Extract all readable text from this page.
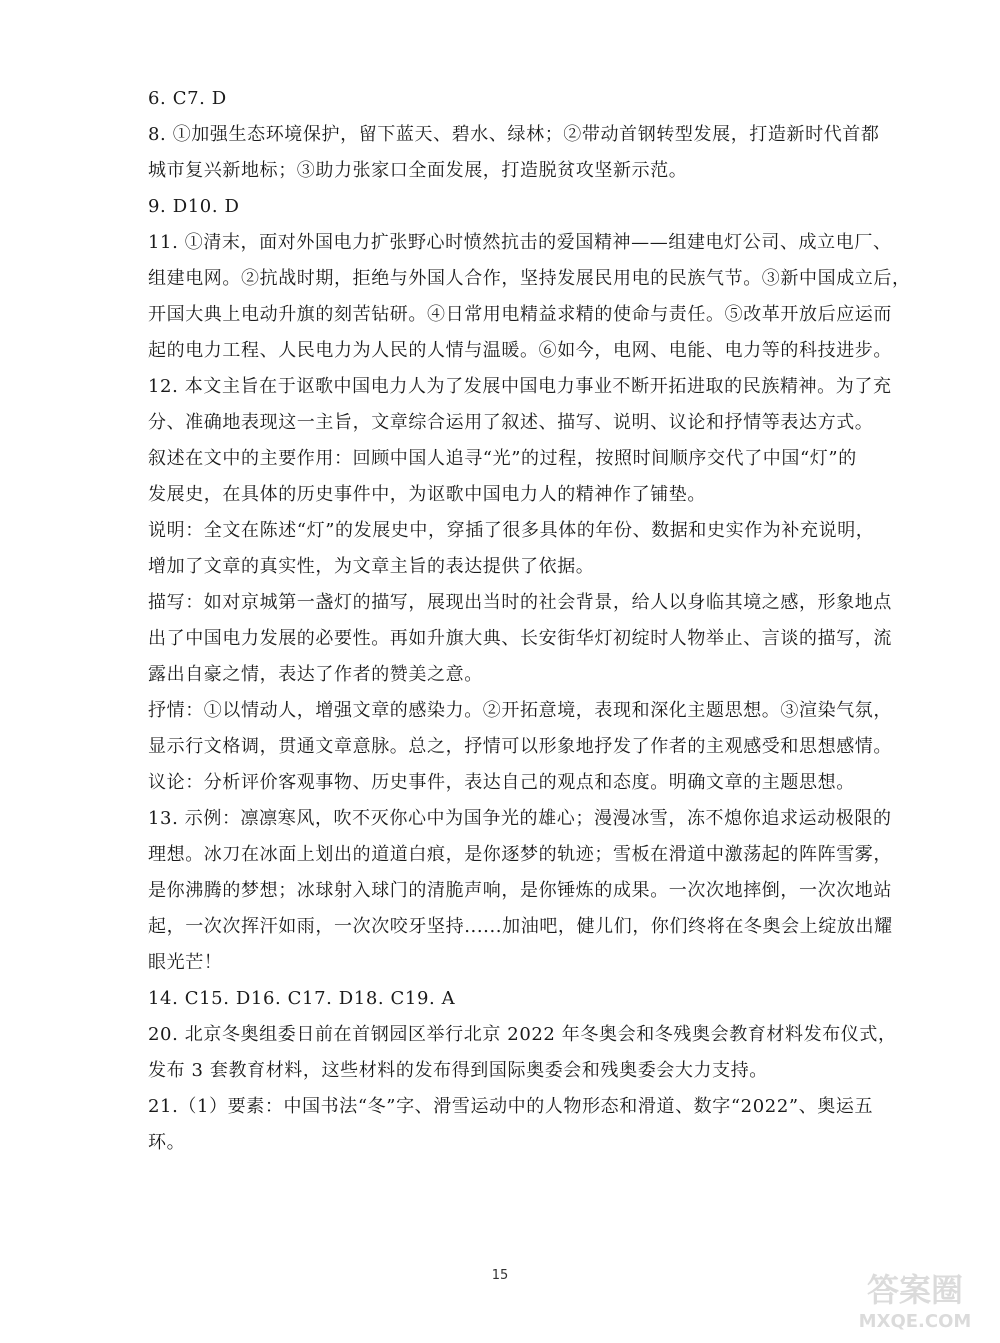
6. C7. D
8. ①加强生态环境保护，留下蓝天、碧水、绿林；②带动首钢转型发展，打造新时代首都
城市复兴新地标；③助力张家口全面发展，打造脱贫攻坚新示范。
9. D10. D
11. ①清末，面对外国电力扩张野心时愤然抗击的爱国精神——组建电灯公司、成立电厂、
组建电网。②抗战时期，拒绝与外国人合作，坚持发展民用电的民族气节。③新中国成立后，
开国大典上电动升旗的刻苦钻研。④日常用电精益求精的使命与责任。⑤改革开放后应运而
起的电力工程、人民电力为人民的人情与温暖。⑥如今，电网、电能、电力等的科技进步。
12. 本文主旨在于讴歌中国电力人为了发展中国电力事业不断开拓进取的民族精神。为了充
分、准确地表现这一主旨，文章综合运用了叙述、描写、说明、议论和抒情等表达方式。
叙述在文中的主要作用：回顾中国人追寻“光”的过程，按照时间顺序交代了中国“灯”的
发展史，在具体的历史事件中，为讴歌中国电力人的精神作了铺垫。
说明：全文在陈述“灯”的发展史中，穿插了很多具体的年份、数据和史实作为补充说明，
增加了文章的真实性，为文章主旨的表达提供了依据。
描写：如对京城第一盏灯的描写，展现出当时的社会背景，给人以身临其境之感，形象地点
出了中国电力发展的必要性。再如升旗大典、长安街华灯初绽时人物举止、言谈的描写，流
露出自豪之情，表达了作者的赞美之意。
抒情：①以情动人，增强文章的感染力。②开拓意境，表现和深化主题思想。③渲染气氛，
显示行文格调，贯通文章意脉。总之，抒情可以形象地抒发了作者的主观感受和思想感情。
议论：分析评价客观事物、历史事件，表达自己的观点和态度。明确文章的主题思想。
13. 示例：凛凛寒风，吹不灭你心中为国争光的雄心；漫漫冰雪，冻不熄你追求运动极限的
理想。冰刀在冰面上划出的道道白痕，是你逐梦的轨迹；雪板在滑道中激荡起的阵阵雪雾，
是你沸腾的梦想；冰球射入球门的清脆声响，是你锤炼的成果。一次次地摔倒，一次次地站
起，一次次挥汗如雨，一次次咬牙坚持......加油吧，健儿们，你们终将在冬奥会上绽放出耀
眼光芒！
14. C15. D16. C17. D18. C19. A
20. 北京冬奥组委日前在首钢园区举行北京 2022 年冬奥会和冬残奥会教育材料发布仪式，
发布 3 套教育材料，这些材料的发布得到国际奥委会和残奥委会大力支持。
21.（1）要素：中国书法“冬”字、滑雪运动中的人物形态和滑道、数字“2022”、奥运五
环。
15	答案圈
MXQE.COM
